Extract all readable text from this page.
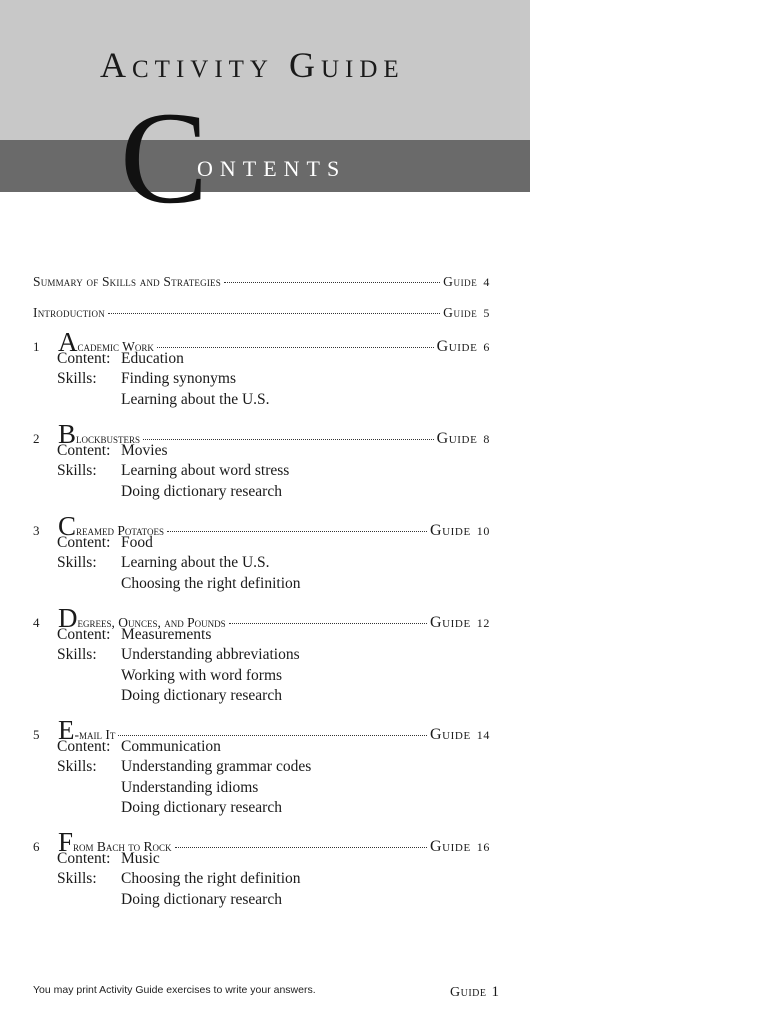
Activity Guide
C
ONTENTS
Summary of Skills and Strategies	Guide 4
Introduction	Guide 5
1 Academic Work	Guide 6
Content: Education
Skills:	Finding synonyms
Learning about the U.S.
2 Blockbusters	Guide 8
Content: Movies
Skills:	Learning about word stress
Doing dictionary research
3 Creamed Potatoes	Guide 10
Content: Food
Skills:	Learning about the U.S.
Choosing the right definition
4 Degrees, Ounces, and Pounds	Guide 12
Content: Measurements
Skills:	Understanding abbreviations
Working with word forms
Doing dictionary research
5 E-mail It	Guide 14
Content: Communication
Skills:	Understanding grammar codes
Understanding idioms
Doing dictionary research
6 From Bach to Rock	Guide 16
Content: Music
Skills:	Choosing the right definition
Doing dictionary research
You may print Activity Guide exercises to write your answers.	Guide 1
